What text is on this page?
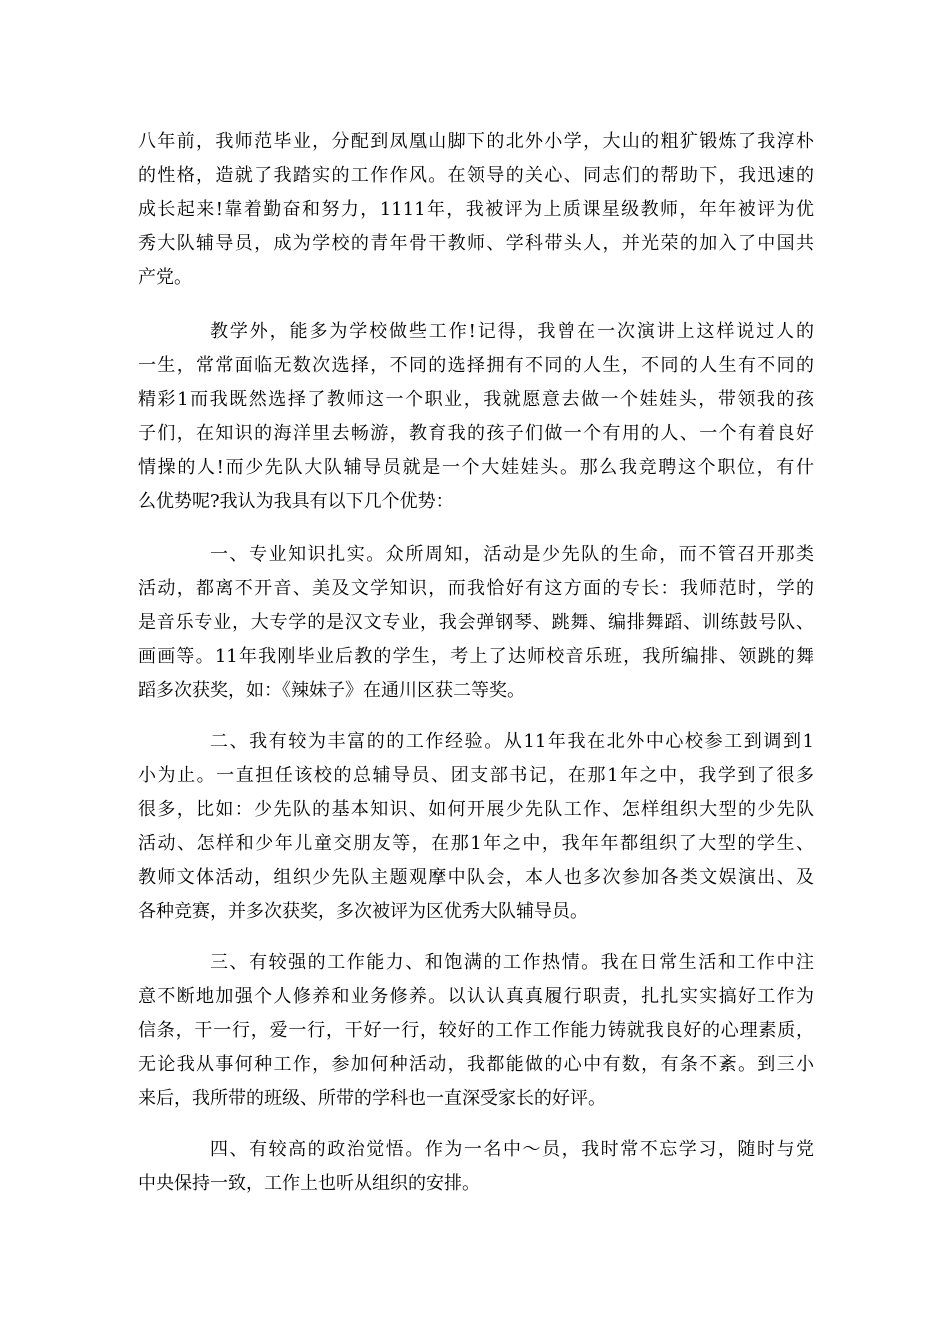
八年前，我师范毕业，分配到凤凰山脚下的北外小学，大山的粗犷锻炼了我淳朴
的性格，造就了我踏实的工作作风。在领导的关心、同志们的帮助下，我迅速的
成长起来!靠着勤奋和努力，1111年，我被评为上质课星级教师，年年被评为优
秀大队辅导员，成为学校的青年骨干教师、学科带头人，并光荣的加入了中国共
产党。
教学外，能多为学校做些工作!记得，我曾在一次演讲上这样说过人的
一生，常常面临无数次选择，不同的选择拥有不同的人生，不同的人生有不同的
精彩1而我既然选择了教师这一个职业，我就愿意去做一个娃娃头，带领我的孩
子们，在知识的海洋里去畅游，教育我的孩子们做一个有用的人、一个有着良好
情操的人!而少先队大队辅导员就是一个大娃娃头。那么我竞聘这个职位，有什
么优势呢?我认为我具有以下几个优势：
一、专业知识扎实。众所周知，活动是少先队的生命，而不管召开那类
活动，都离不开音、美及文学知识，而我恰好有这方面的专长：我师范时，学的
是音乐专业，大专学的是汉文专业，我会弹钢琴、跳舞、编排舞蹈、训练鼓号队、
画画等。11年我刚毕业后教的学生，考上了达师校音乐班，我所编排、领跳的舞
蹈多次获奖，如：《辣妹子》在通川区获二等奖。
二、我有较为丰富的的工作经验。从11年我在北外中心校参工到调到1
小为止。一直担任该校的总辅导员、团支部书记，在那1年之中，我学到了很多
很多，比如：少先队的基本知识、如何开展少先队工作、怎样组织大型的少先队
活动、怎样和少年儿童交朋友等，在那1年之中，我年年都组织了大型的学生、
教师文体活动，组织少先队主题观摩中队会，本人也多次参加各类文娱演出、及
各种竞赛，并多次获奖，多次被评为区优秀大队辅导员。
三、有较强的工作能力、和饱满的工作热情。我在日常生活和工作中注
意不断地加强个人修养和业务修养。以认认真真履行职责，扎扎实实搞好工作为
信条，干一行，爱一行，干好一行，较好的工作工作能力铸就我良好的心理素质，
无论我从事何种工作，参加何种活动，我都能做的心中有数，有条不紊。到三小
来后，我所带的班级、所带的学科也一直深受家长的好评。
四、有较高的政治觉悟。作为一名中～员，我时常不忘学习，随时与党
中央保持一致，工作上也听从组织的安排。
